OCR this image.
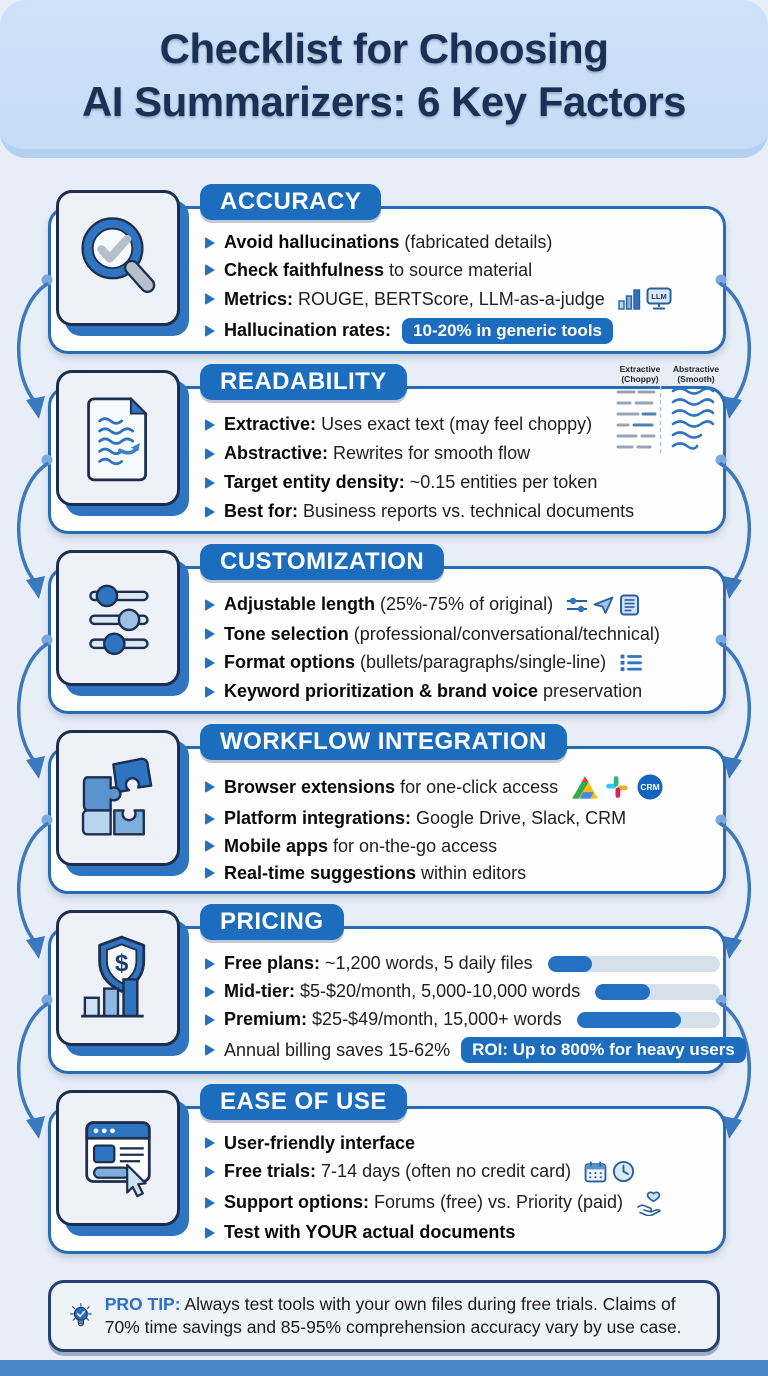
Checklist for Choosing
AI Summarizers: 6 Key Factors
ACCURACY
Avoid hallucinations (fabricated details)
Check faithfulness to source material
Metrics: ROUGE, BERTScore, LLM-as-a-judge	LLM
Hallucination rates:	10-20% in generic tools
READABILITY	Extractive
(Choppy)
Abstractive
(Smooth)
Extractive: Uses exact text (may feel choppy)
Abstractive: Rewrites for smooth flow
Target entity density: ~0.15 entities per token
Best for: Business reports vs. technical documents
CUSTOMIZATION
Adjustable length (25%-75% of original)
Tone selection (professional/conversational/technical)
Format options (bullets/paragraphs/single-line)
Keyword prioritization & brand voice preservation
WORKFLOW INTEGRATION
Browser extensions for one-click access	CRM
Platform integrations: Google Drive, Slack, CRM
Mobile apps for on-the-go access
Real-time suggestions within editors
PRICING
$	Free plans: ~1,200 words, 5 daily files
Mid-tier: $5-$20/month, 5,000-10,000 words
Premium: $25-$49/month, 15,000+ words
Annual billing saves 15-62%	ROI: Up to 800% for heavy users
EASE OF USE
User-friendly interface
Free trials: 7-14 days (often no credit card)
Support options: Forums (free) vs. Priority (paid)
Test with YOUR actual documents
PRO TIP: Always test tools with your own files during free trials. Claims of 70% time savings and 85-95% comprehension accuracy vary by use case.
